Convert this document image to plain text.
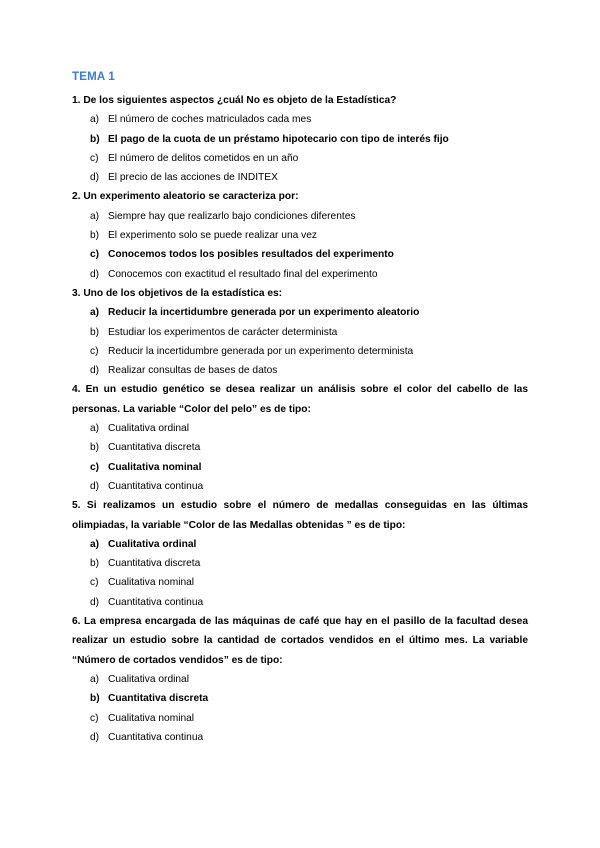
TEMA 1
1. De los siguientes aspectos ¿cuál No es objeto de la Estadística?
a) El número de coches matriculados cada mes
b) El pago de la cuota de un préstamo hipotecario con tipo de interés fijo
c) El número de delitos cometidos en un año
d) El precio de las acciones de INDITEX
2. Un experimento aleatorio se caracteriza por:
a) Siempre hay que realizarlo bajo condiciones diferentes
b) El experimento solo se puede realizar una vez
c) Conocemos todos los posibles resultados del experimento
d) Conocemos con exactitud el resultado final del experimento
3. Uno de los objetivos de la estadística es:
a) Reducir la incertidumbre generada por un experimento aleatorio
b) Estudiar los experimentos de carácter determinista
c) Reducir la incertidumbre generada por un experimento determinista
d) Realizar consultas de bases de datos
4. En un estudio genético se desea realizar un análisis sobre el color del cabello de las personas. La variable “Color del pelo” es de tipo:
a) Cualitativa ordinal
b) Cuantitativa discreta
c) Cualitativa nominal
d) Cuantitativa continua
5. Si realizamos un estudio sobre el número de medallas conseguidas en las últimas olimpiadas, la variable “Color de las Medallas obtenidas ” es de tipo:
a) Cualitativa ordinal
b) Cuantitativa discreta
c) Cualitativa nominal
d) Cuantitativa continua
6. La empresa encargada de las máquinas de café que hay en el pasillo de la facultad desea realizar un estudio sobre la cantidad de cortados vendidos en el último mes. La variable “Número de cortados vendidos” es de tipo:
a) Cualitativa ordinal
b) Cuantitativa discreta
c) Cualitativa nominal
d) Cuantitativa continua
